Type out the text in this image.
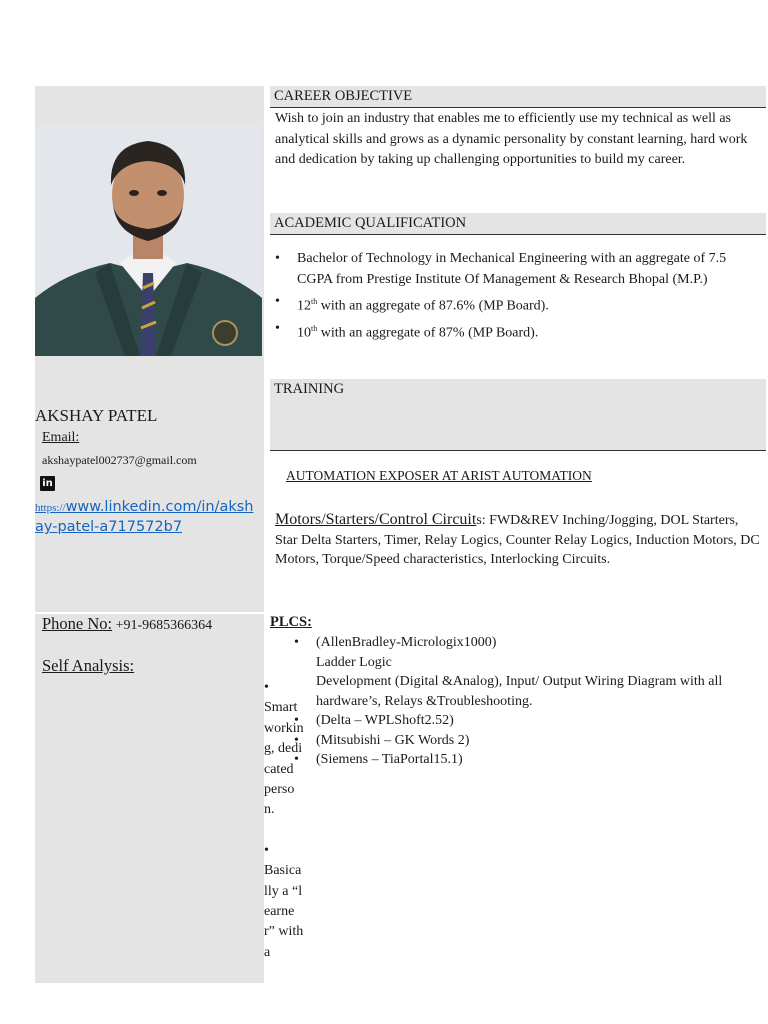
AKSHAY PATEL
Email:
akshaypatel002737@gmail.com
in
https://www.linkedin.com/in/akshay-patel-a717572b7
Phone No: +91-9685366364
Self Analysis:
•
Smart working, dedicated person.
•
Basically a “learner” with a
CAREER OBJECTIVE
Wish to join an industry that enables me to efficiently use my technical as well as analytical skills and grows as a dynamic personality by constant learning, hard work and dedication by taking up challenging opportunities to build my career.
ACADEMIC QUALIFICATION
• Bachelor of Technology in Mechanical Engineering with an aggregate of 7.5 CGPA from Prestige Institute Of Management & Research Bhopal (M.P.)
• 12th with an aggregate of 87.6% (MP Board).
• 10th with an aggregate of 87% (MP Board).
TRAINING
AUTOMATION EXPOSER AT ARIST AUTOMATION
Motors/Starters/Control Circuits: FWD&REV Inching/Jogging, DOL Starters, Star Delta Starters, Timer, Relay Logics, Counter Relay Logics, Induction Motors, DC Motors, Torque/Speed characteristics, Interlocking Circuits.
PLCS:
• (AllenBradley-Micrologix1000)
Ladder Logic
Development (Digital &Analog), Input/ Output Wiring Diagram with all hardware’s, Relays &Troubleshooting.
• (Delta – WPLShoft2.52)
• (Mitsubishi – GK Words 2)
• (Siemens – TiaPortal15.1)
